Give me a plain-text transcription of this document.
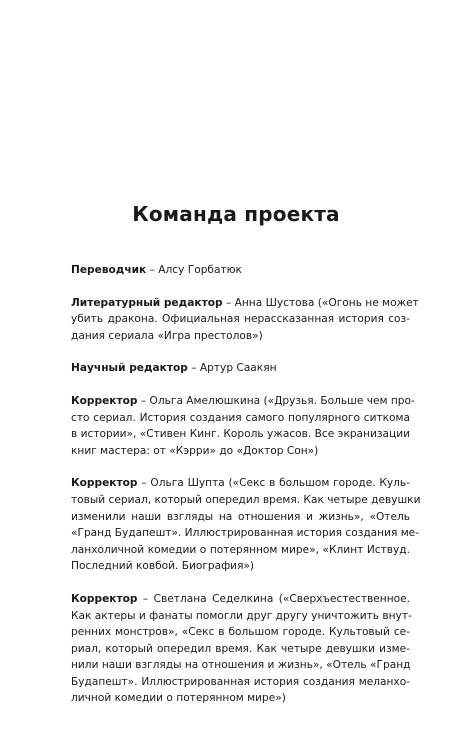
Команда проекта

Переводчик – Алсу Горбатюк

Литературный редактор – Анна Шустова («Огонь не может
убить дракона. Официальная нерассказанная история соз-
дания сериала «Игра престолов»)

Научный редактор – Артур Саакян

Корректор – Ольга Амелюшкина («Друзья. Больше чем про-
сто сериал. История создания самого популярного ситкома
в истории», «Стивен Кинг. Король ужасов. Все экранизации
книг мастера: от «Кэрри» до «Доктор Сон»)

Корректор – Ольга Шупта («Секс в большом городе. Куль-
товый сериал, который опередил время. Как четыре девушки
изменили наши взгляды на отношения и жизнь», «Отель
«Гранд Будапешт». Иллюстрированная история создания ме-
ланхоличной комедии о потерянном мире», «Клинт Иствуд.
Последний ковбой. Биография»)

Корректор – Светлана Седелкина («Сверхъестественное.
Как актеры и фанаты помогли друг другу уничтожить внут-
ренних монстров», «Секс в большом городе. Культовый се-
риал, который опередил время. Как четыре девушки изме-
нили наши взгляды на отношения и жизнь», «Отель «Гранд
Будапешт». Иллюстрированная история создания меланхо-
личной комедии о потерянном мире»)
